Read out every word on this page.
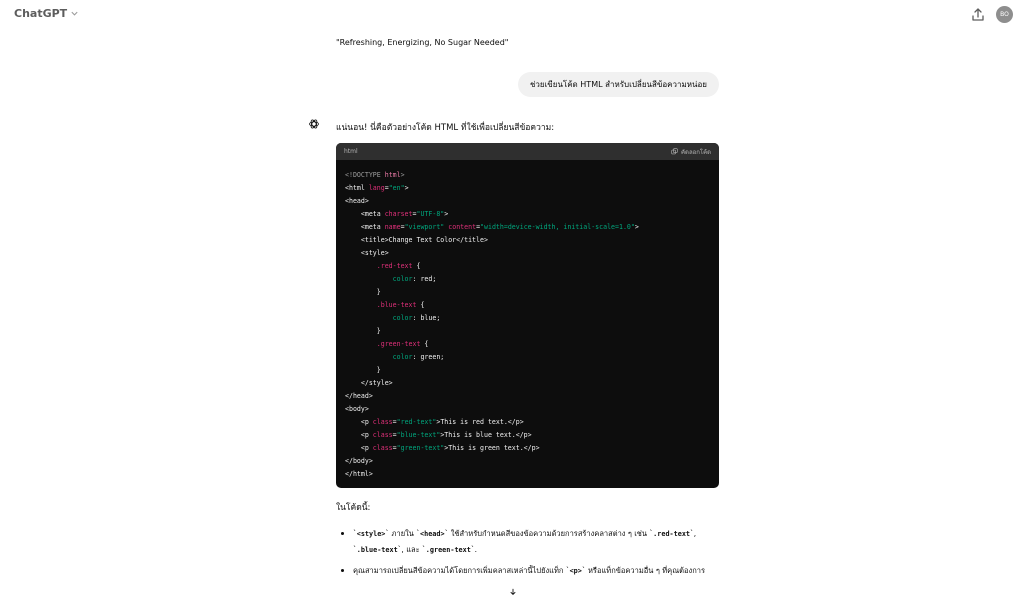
ChatGPT	BO
"Refreshing, Energizing, No Sugar Needed"
ช่วยเขียนโค้ด HTML สำหรับเปลี่ยนสีข้อความหน่อย
แน่นอน! นี่คือตัวอย่างโค้ด HTML ที่ใช้เพื่อเปลี่ยนสีข้อความ:
html	คัดลอกโค้ด
<!DOCTYPE html>
<html lang="en">
<head>
<meta charset="UTF-8">
<meta name="viewport" content="width=device-width, initial-scale=1.0">
<title>Change Text Color</title>
<style>
.red-text {
color: red;
}
.blue-text {
color: blue;
}
.green-text {
color: green;
}
</style>
</head>
<body>
<p class="red-text">This is red text.</p>
<p class="blue-text">This is blue text.</p>
<p class="green-text">This is green text.</p>
</body>
</html>
ในโค้ดนี้:
`<style>` ภายใน `<head>` ใช้สำหรับกำหนดสีของข้อความด้วยการสร้างคลาสต่าง ๆ เช่น `.red-text`, `.blue-text`, และ `.green-text`.
คุณสามารถเปลี่ยนสีข้อความได้โดยการเพิ่มคลาสเหล่านี้ไปยังแท็ก `<p>` หรือแท็กข้อความอื่น ๆ ที่คุณต้องการ
